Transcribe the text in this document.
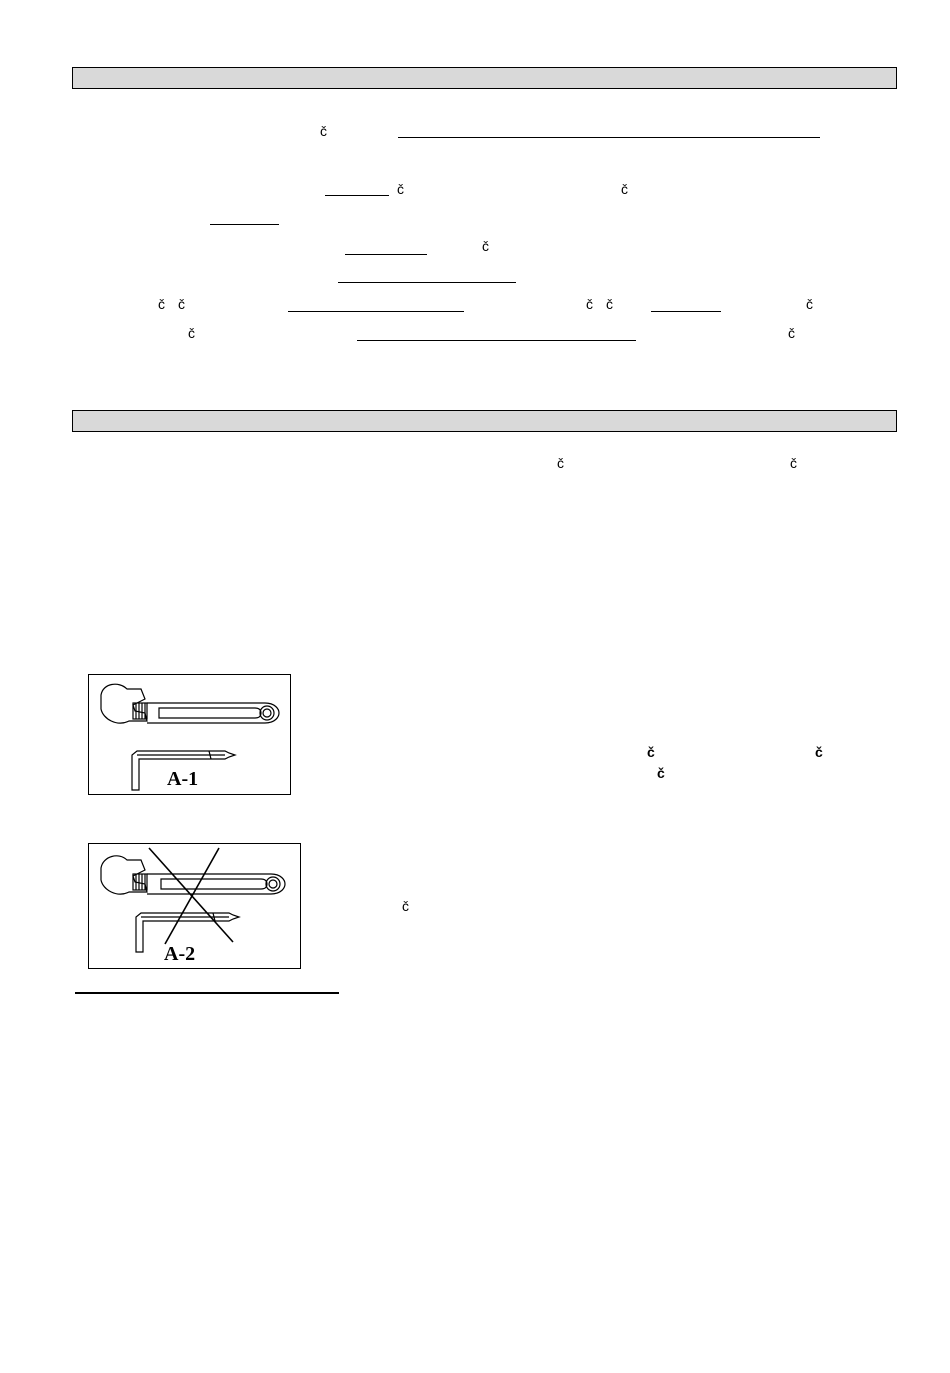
č
č	č
č
č č	č č	č
č	č
č	č
A-1
č	č
č
A-2
č
